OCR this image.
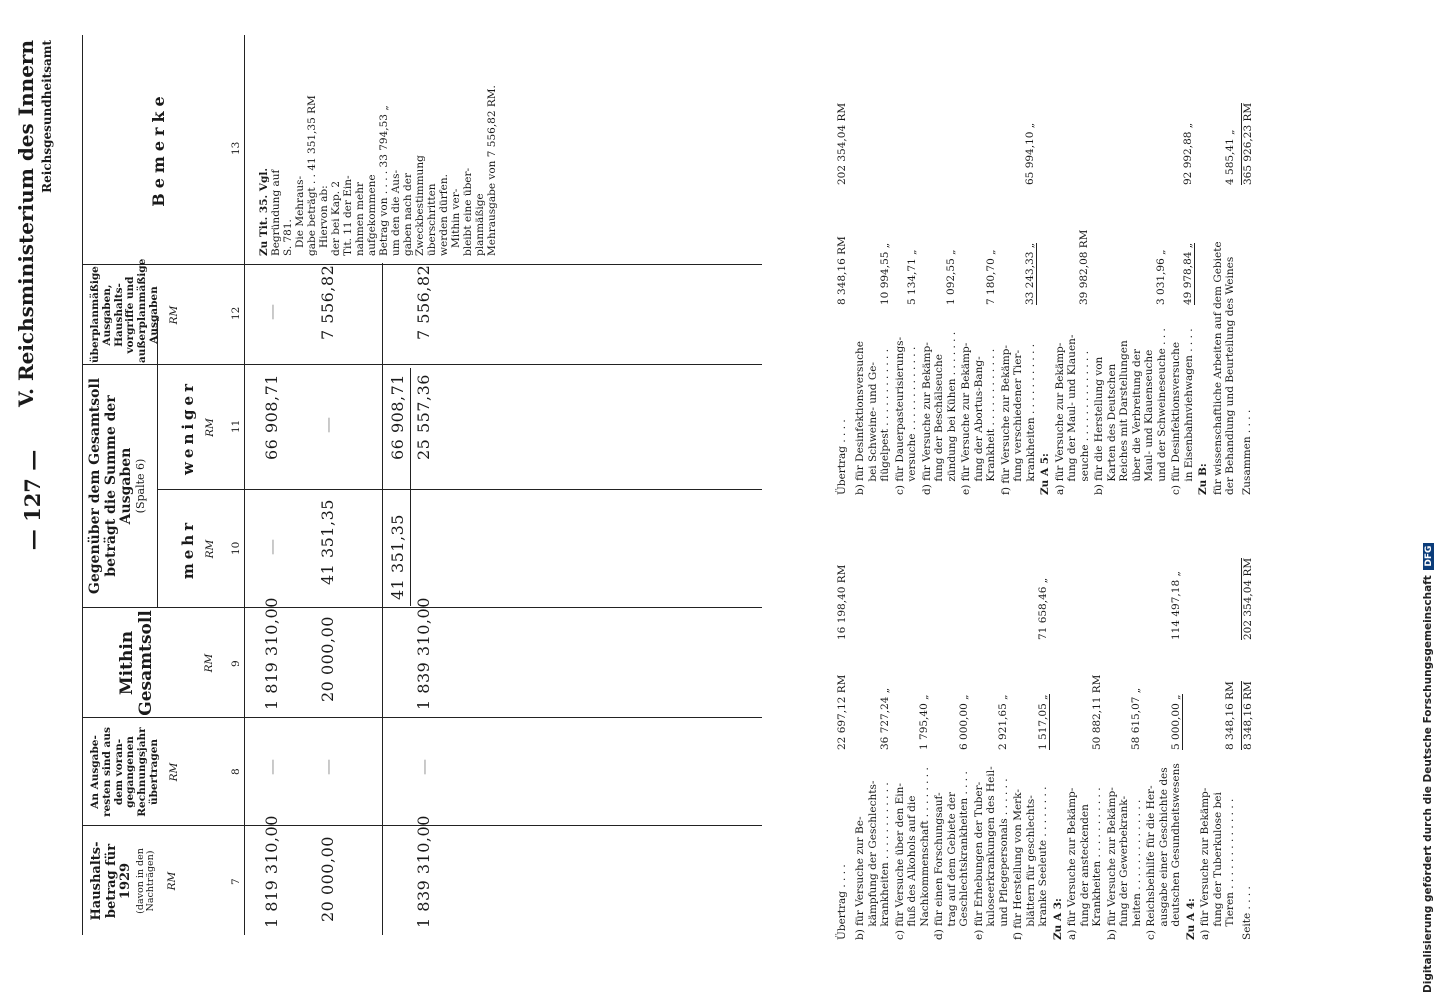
— 127 —
V. Reichsministerium des Innern Reichsgesundheitsamt
Haushalts-betrag für 1929 (davon in den Nachträgen) RM
An Ausgabe-resten sind aus dem voran-gegangenen Rechnungsjahr übertragen RM
Mithin Gesamtsoll	RM
Gegenüber dem Gesamtsoll beträgt die Summe der Ausgaben (Spalte 6)
mehr RM
weniger RM
überplanmäßige Ausgaben, Haushalts-vorgriffe und außerplanmäßige Ausgaben RM
Bemerke
7
8
9
10
11
12
13
1 819 310,00
—
1 819 310,00
—
66 908,71
—
20 000,00
—
20 000,00
41 351,35
—
7 556,82
1 839 310,00
—
1 839 310,00
41 351,35
66 908,71 25 557,36
7 556,82
Zu Tit. 35. Vgl. Begründung auf S. 781. Die Mehraus- gabe beträgt . . 41 351,35 RM Hiervon ab: der bei Kap. 2 Tit. 11 der Ein- nahmen mehr aufgekommene Betrag von . . . . 33 794,53 „ um den die Aus- gaben nach der Zweckbestimmung überschritten werden dürfen. Mithin ver- bleibt eine über- planmäßige Mehrausgabe von 7 556,82 RM.
Übertrag . . . .
22 697,12 RM
16 198,40 RM
b) für Versuche zur Be-
kämpfung der Geschlechts-
krankheiten . . . . . . . . . . . .
36 727,24 „
c) für Versuche über den Ein-
fluß des Alkohols auf die
Nachkommenschaft . . . . . . . .
1 795,40 „
d) für einen Forschungsauf-
trag auf dem Gebiete der
Geschlechtskrankheiten . . . .
6 000,00 „
e) für Erhebungen der Tuber-
kuloseerkrankungen des Heil-
und Pflegepersonals . . . . . .
2 921,65 „
f) für Herstellung von Merk-
blättern für geschlechts-
kranke Seeleute . . . . . . . .
1 517,05 „
71 658,46 „
Zu A 3: a) für Versuche zur Bekämp-
fung der ansteckenden
Krankheiten . . . . . . . . . . .
50 882,11 RM
b) für Versuche zur Bekämp-
fung der Gewerbekrank-
heiten . . . . . . . . . . . . . .
58 615,07 „
c) Reichsbeihilfe für die Her-
ausgabe einer Geschichte des
deutschen Gesundheitswesens
5 000,00 „
114 497,18 „
Zu A 4: a) für Versuche zur Bekämp-
fung der Tuberkulose bei
Tieren . . . . . . . . . . . . . .
8 348,16 RM
Seite . . . .
8 348,16 RM
202 354,04 RM
Übertrag . . . .
8 348,16 RM
202 354,04 RM
b) für Desinfektionsversuche
bei Schweine- und Ge-
flügelpest . . . . . . . . . . . .
10 994,55 „
c) für Dauerpasteurisierungs-
versuche . . . . . . . . . . . . .
5 134,71 „
d) für Versuche zur Bekämp-
fung der Beschälseuche
zündung bei Kühen . . . . . . .
1 092,55 „
e) für Versuche zur Bekämp-
fung der Abortus-Bang-
Krankheit . . . . . . . . . . . .
7 180,70 „
f) für Versuche zur Bekämp-
fung verschiedener Tier-
krankheiten . . . . . . . . . . .
33 243,33 „
65 994,10 „
Zu A 5: a) für Versuche zur Bekämp-
fung der Maul- und Klauen-
seuche . . . . . . . . . . . . . .
39 982,08 RM
b) für die Herstellung von
Karten des Deutschen
Reiches mit Darstellungen
über die Verbreitung der
Maul- und Klauenseuche
und der Schweineseuche . . .
3 031,96 „
c) für Desinfektionsversuche
in Eisenbahnviehwagen . . . .
49 978,84 „
92 992,88 „
Zu B: für wissenschaftliche Arbeiten auf dem Gebiete
der Behandlung und Beurteilung des Weines
4 585,41 „
Zusammen . . . .
365 926,23 RM
Digitalisierung gefördert durch die Deutsche Forschungsgemeinschaft DFG
